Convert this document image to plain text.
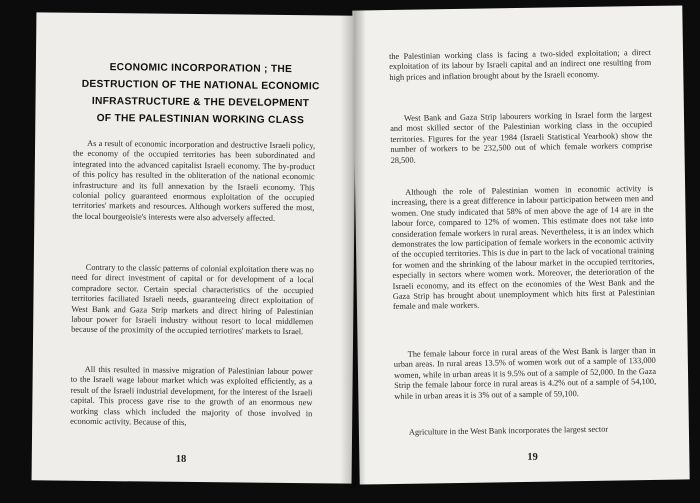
ECONOMIC INCORPORATION ; THE
DESTRUCTION OF THE NATIONAL ECONOMIC
INFRASTRUCTURE & THE DEVELOPMENT
OF THE PALESTINIAN WORKING CLASS

As a result of economic incorporation and destructive Israeli policy, the economy of the occupied territories has been subordinated and integrated into the advanced capitalist Israeli economy. The by-product of this policy has resulted in the obliteration of the national economic infrastructure and its full annexation by the Israeli economy. This colonial policy guaranteed enormous exploitation of the occupied territories' markets and resources. Although workers suffered the most, the local bourgeoisie's interests were also adversely affected.

Contrary to the classic patterns of colonial exploitation there was no need for direct investment of capital or for development of a local compradore sector. Certain special characteristics of the occupied territories faciliated Israeli needs, guaranteeing direct exploitation of West Bank and Gaza Strip markets and direct hiring of Palestinian labour power for Israeli industry without resort to local middlemen because of the proximity of the occupied terriotires' markets to Israel.

All this resulted in massive migration of Palestinian labour power to the Israeli wage labour market which was exploited efficiently, as a result of the Israeli industrial development, for the interest of the Israeli capital. This process gave rise to the growth of an enormous new working class which included the majority of those involved in economic activity. Because of this,

18

the Palestinian working class is facing a two-sided exploitation; a direct exploitation of its labour by Israeli capital and an indirect one resulting from high prices and inflation brought about by the Israeli economy.

West Bank and Gaza Strip labourers working in Israel form the largest and most skilled sector of the Palestinian working class in the occupied territories. Figures for the year 1984 (Israeli Statistical Yearbook) show the number of workers to be 232,500 out of which female workers comprise 28,500.

Although the role of Palestinian women in economic activity is increasing, there is a great difference in labour participation between men and women. One study indicated that 58% of men above the age of 14 are in the labour force, compared to 12% of women. This estimate does not take into consideration female workers in rural areas. Nevertheless, it is an index which demonstrates the low participation of female workers in the economic activity of the occupied territories. This is due in part to the lack of vocational training for women and the shrinking of the labour market in the occupied territories, especially in sectors where women work. Moreover, the deterioration of the Israeli economy, and its effect on the economies of the West Bank and the Gaza Strip has brought about unemployment which hits first at Palestinian female and male workers.

The female labour force in rural areas of the West Bank is larger than in urban areas. In rural areas 13.5% of women work out of a sample of 133,000 women, while in urban areas it is 9.5% out of a sample of 52,000. In the Gaza Strip the female labour force in rural areas is 4.2% out of a sample of 54,100, while in urban areas it is 3% out of a sample of 59,100.

Agriculture in the West Bank incorporates the largest sector

19
